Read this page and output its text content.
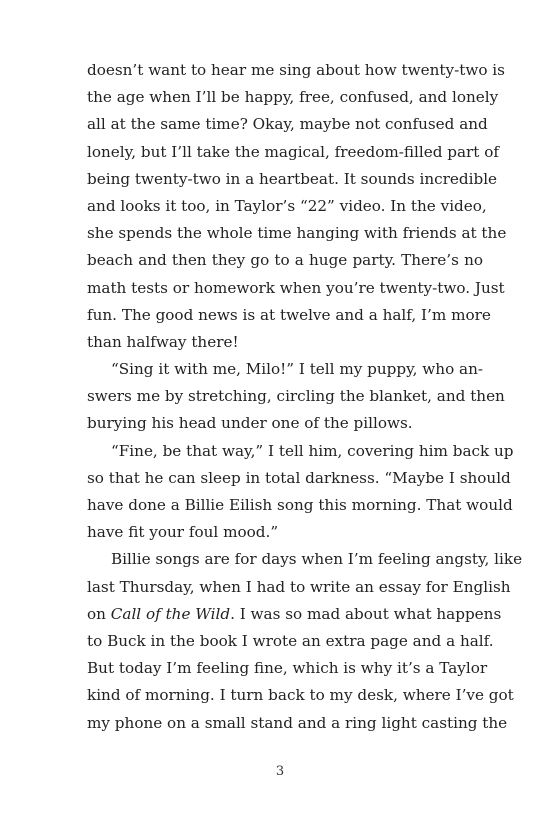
doesn’t want to hear me sing about how twenty-two is
the age when I’ll be happy, free, confused, and lonely
all at the same time? Okay, maybe not confused and
lonely, but I’ll take the magical, freedom-filled part of
being twenty-two in a heartbeat. It sounds incredible
and looks it too, in Taylor’s “22” video. In the video,
she spends the whole time hanging with friends at the
beach and then they go to a huge party. There’s no
math tests or homework when you’re twenty-two. Just
fun. The good news is at twelve and a half, I’m more
than halfway there!
“Sing it with me, Milo!” I tell my puppy, who an-
swers me by stretching, circling the blanket, and then
burying his head under one of the pillows.
“Fine, be that way,” I tell him, covering him back up
so that he can sleep in total darkness. “Maybe I should
have done a Billie Eilish song this morning. That would
have fit your foul mood.”
Billie songs are for days when I’m feeling angsty, like
last Thursday, when I had to write an essay for English
on Call of the Wild. I was so mad about what happens
to Buck in the book I wrote an extra page and a half.
But today I’m feeling fine, which is why it’s a Taylor
kind of morning. I turn back to my desk, where I’ve got
my phone on a small stand and a ring light casting the
3
